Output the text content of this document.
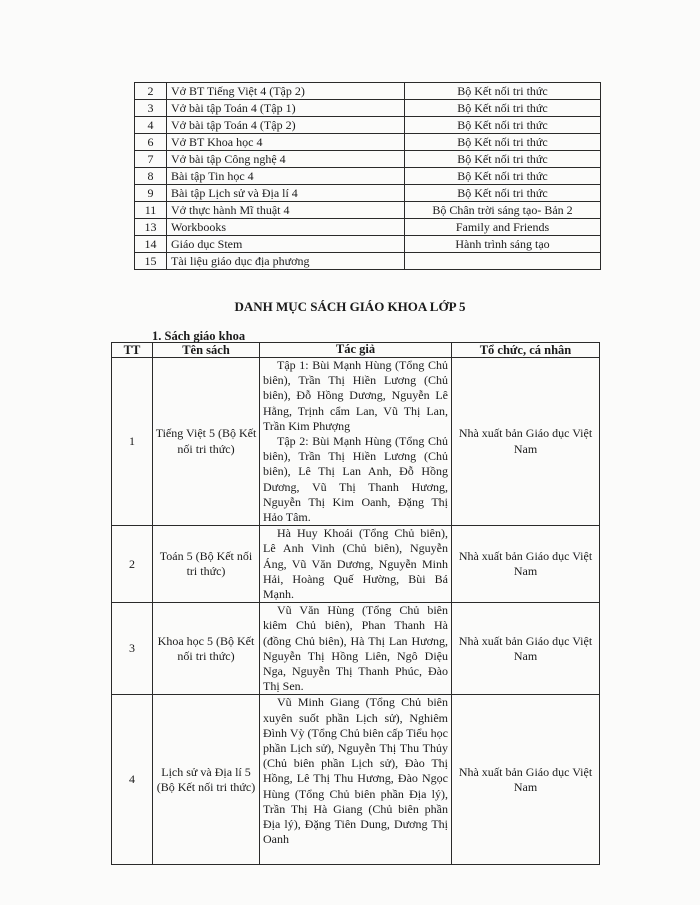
2	Vở BT Tiếng Việt 4 (Tập 2)	Bộ Kết nối tri thức
3	Vở bài tập Toán 4 (Tập 1)	Bộ Kết nối tri thức
4	Vở bài tập Toán 4 (Tập 2)	Bộ Kết nối tri thức
6	Vở BT Khoa học 4	Bộ Kết nối tri thức
7	Vở bài tập Công nghệ 4	Bộ Kết nối tri thức
8	Bài tập Tin học 4	Bộ Kết nối tri thức
9	Bài tập Lịch sử và Địa lí 4	Bộ Kết nối tri thức
11	Vở thực hành Mĩ thuật 4	Bộ Chân trời sáng tạo- Bản 2
13	Workbooks	Family and Friends
14	Giáo dục Stem	Hành trình sáng tạo
15	Tài liệu giáo dục địa phương	
DANH MỤC SÁCH GIÁO KHOA LỚP 5
1. Sách giáo khoa
TT	Tên sách	Tác giả	Tổ chức, cá nhân
1	Tiếng Việt 5 (Bộ Kết nối tri thức)	Tập 1: Bùi Mạnh Hùng (Tổng Chủ biên), Trần Thị Hiền Lương (Chủ biên), Đỗ Hồng Dương, Nguyễn Lê Hằng, Trịnh cẩm Lan, Vũ Thị Lan, Trần Kim Phượng
Tập 2: Bùi Mạnh Hùng (Tổng Chủ biên), Trần Thị Hiền Lương (Chủ biên), Lê Thị Lan Anh, Đỗ Hồng Dương, Vũ Thị Thanh Hương, Nguyễn Thị Kim Oanh, Đặng Thị Hảo Tâm.	Nhà xuất bản Giáo dục Việt Nam
2	Toán 5 (Bộ Kết nối tri thức)	Hà Huy Khoái (Tổng Chủ biên), Lê Anh Vinh (Chủ biên), Nguyễn Áng, Vũ Văn Dương, Nguyễn Minh Hải, Hoàng Quế Hường, Bùi Bá Mạnh.	Nhà xuất bản Giáo dục Việt Nam
3	Khoa học 5 (Bộ Kết nối tri thức)	Vũ Văn Hùng (Tổng Chủ biên kiêm Chủ biên), Phan Thanh Hà (đồng Chủ biên), Hà Thị Lan Hương, Nguyễn Thị Hồng Liên, Ngô Diệu Nga, Nguyễn Thị Thanh Phúc, Đào Thị Sen.	Nhà xuất bản Giáo dục Việt Nam
4	Lịch sử và Địa lí 5 (Bộ Kết nối tri thức)	Vũ Minh Giang (Tổng Chủ biên xuyên suốt phần Lịch sử), Nghiêm Đình Vỳ (Tổng Chủ biên cấp Tiểu học phần Lịch sử), Nguyễn Thị Thu Thủy (Chủ biên phần Lịch sử), Đào Thị Hồng, Lê Thị Thu Hương, Đào Ngọc Hùng (Tổng Chủ biên phần Địa lý), Trần Thị Hà Giang (Chủ biên phần Địa lý), Đặng Tiên Dung, Dương Thị Oanh	Nhà xuất bản Giáo dục Việt Nam
